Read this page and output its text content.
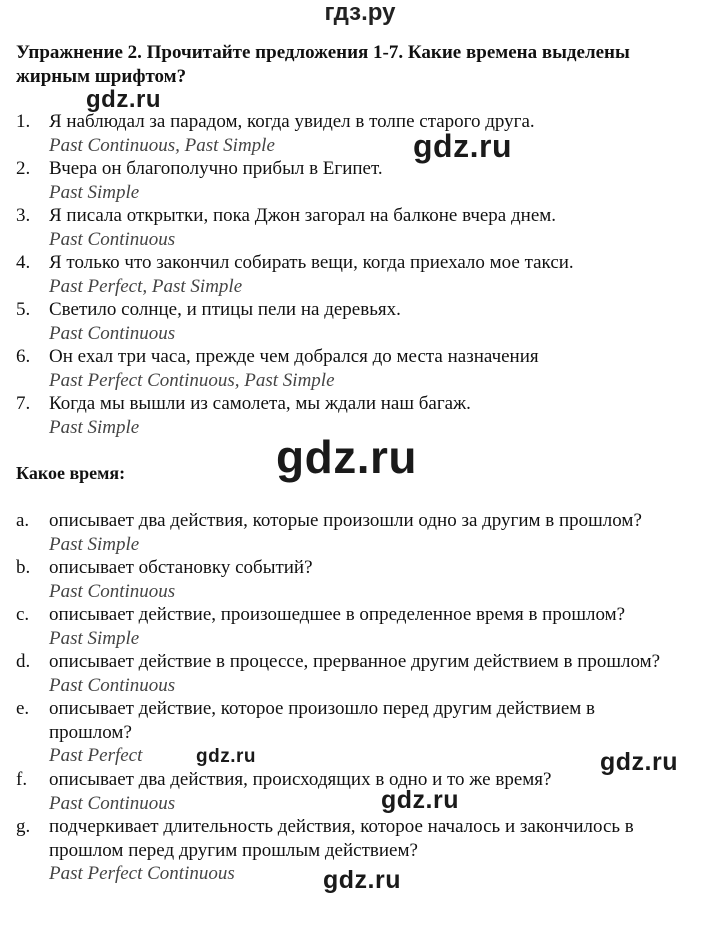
гдз.ру
Упражнение 2. Прочитайте предложения 1-7. Какие времена выделены жирным шрифтом?
1. Я наблюдал за парадом, когда увидел в толпе старого друга.
Past Continuous, Past Simple
2. Вчера он благополучно прибыл в Египет.
Past Simple
3. Я писала открытки, пока Джон загорал на балконе вчера днем.
Past Continuous
4. Я только что закончил собирать вещи, когда приехало мое такси.
Past Perfect, Past Simple
5. Светило солнце, и птицы пели на деревьях.
Past Continuous
6. Он ехал три часа, прежде чем добрался до места назначения
Past Perfect Continuous, Past Simple
7. Когда мы вышли из самолета, мы ждали наш багаж.
Past Simple
Какое время:
a. описывает два действия, которые произошли одно за другим в прошлом?
Past Simple
b. описывает обстановку событий?
Past Continuous
c. описывает действие, произошедшее в определенное время в прошлом?
Past Simple
d. описывает действие в процессе, прерванное другим действием в прошлом?
Past Continuous
e. описывает действие, которое произошло перед другим действием в прошлом?
Past Perfect
f. описывает два действия, происходящих в одно и то же время?
Past Continuous
g. подчеркивает длительность действия, которое началось и закончилось в прошлом перед другим прошлым действием?
Past Perfect Continuous
gdz.ru
gdz.ru
gdz.ru
gdz.ru	gdz.ru
gdz.ru
gdz.ru
